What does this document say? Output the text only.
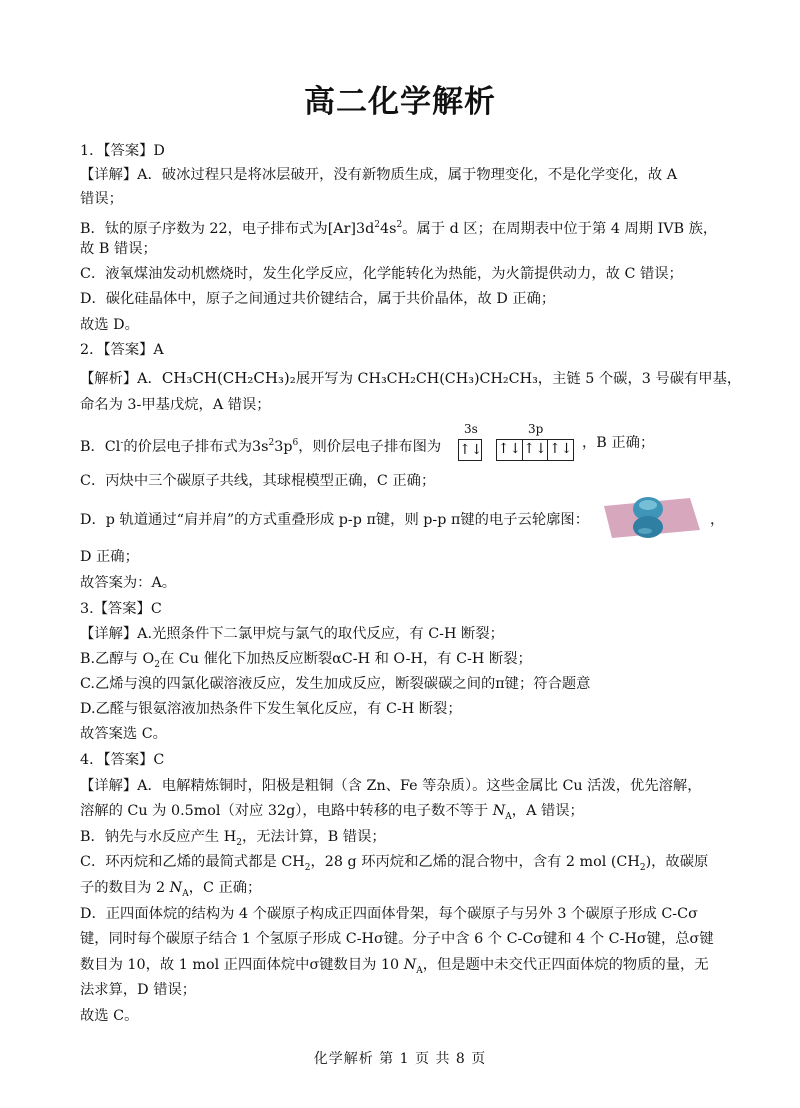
高二化学解析
1．【答案】D
【详解】A．破冰过程只是将冰层破开，没有新物质生成，属于物理变化，不是化学变化，故 A
错误；
B．钛的原子序数为 22，电子排布式为$[Ar]3d^24s^2$。属于 d 区；在周期表中位于第 4 周期 IVB 族，
故 B 错误；
C．液氧煤油发动机燃烧时，发生化学反应，化学能转化为热能，为火箭提供动力，故 C 错误；
D．碳化硅晶体中，原子之间通过共价键结合，属于共价晶体，故 D 正确；
故选 D。
2．【答案】A
【解析】A．CH₃CH(CH₂CH₃)₂展开写为 CH₃CH₂CH(CH₃)CH₂CH₃，主链 5 个碳，3 号碳有甲基，
命名为 3-甲基戊烷，A 错误；
B．Cl-的价层电子排布式为$3s^23p^6$，则价层电子排布图为
3s	3p
↑↓ ↑↓ ↑↓ ↑↓ ，B 正确；
C．丙炔中三个碳原子共线，其球棍模型正确，C 正确；
D．p 轨道通过“肩并肩”的方式重叠形成 p-p π键，则 p-p π键的电子云轮廓图：	，
D 正确；
故答案为：A。
3.【答案】C
【详解】A.光照条件下二氯甲烷与氯气的取代反应，有 C-H 断裂；
B.乙醇与 $O_2$在 Cu 催化下加热反应断裂αC-H 和 O-H，有 C-H 断裂；
C.乙烯与溴的四氯化碳溶液反应，发生加成反应，断裂碳碳之间的π键；符合题意
D.乙醛与银氨溶液加热条件下发生氧化反应，有 C-H 断裂；
故答案选 C。
4．【答案】C
【详解】A．电解精炼铜时，阳极是粗铜（含 Zn、Fe 等杂质）。这些金属比 Cu 活泼，优先溶解，
溶解的 Cu 为 0.5mol（对应 32g），电路中转移的电子数不等于 $N_A$，A 错误；
B．钠先与水反应产生 $H_2$，无法计算，B 错误；
C．环丙烷和乙烯的最简式都是 $CH_2$，28 g 环丙烷和乙烯的混合物中，含有 2 mol $(CH_2)$，故碳原
子的数目为 2 $N_A$，C 正确；
D．正四面体烷的结构为 4 个碳原子构成正四面体骨架，每个碳原子与另外 3 个碳原子形成 C-Cσ
键，同时每个碳原子结合 1 个氢原子形成 C-Hσ键。分子中含 6 个 C-Cσ键和 4 个 C-Hσ键，总σ键
数目为 10，故 1 mol 正四面体烷中σ键数目为 10 $N_A$，但是题中未交代正四面体烷的物质的量，无
法求算，D 错误；
故选 C。
化学解析 第 1 页 共 8 页
